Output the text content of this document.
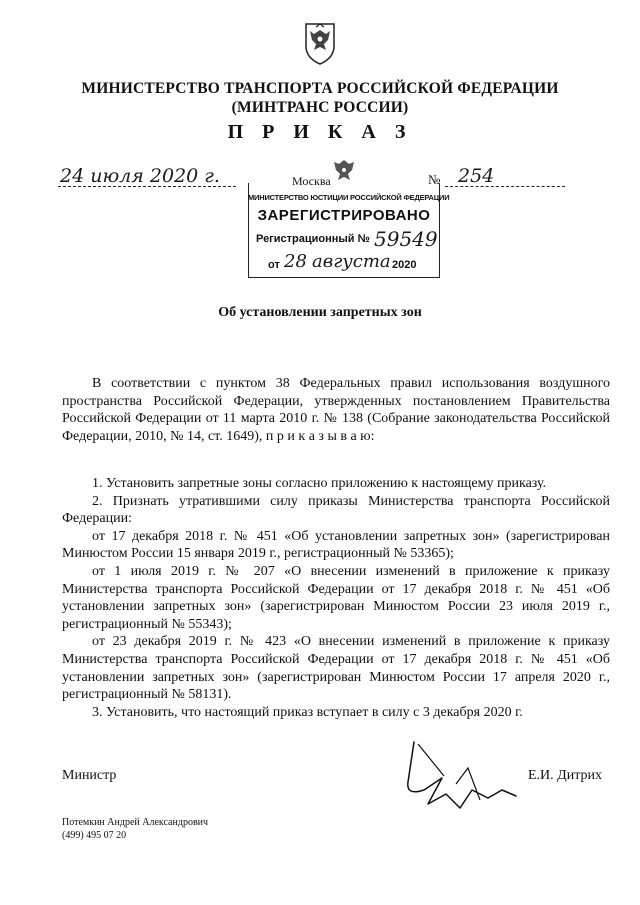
МИНИСТЕРСТВО ТРАНСПОРТА РОССИЙСКОЙ ФЕДЕРАЦИИ
(МИНТРАНС РОССИИ)
П Р И К А З
24 июля 2020 г.	Москва	№ 254
МИНИСТЕРСТВО ЮСТИЦИИ РОССИЙСКОЙ ФЕДЕРАЦИИ
ЗАРЕГИСТРИРОВАНО
Регистрационный № 59549
от 28 августа 2020
Об установлении запретных зон
В соответствии с пунктом 38 Федеральных правил использования воздушного пространства Российской Федерации, утвержденных постановлением Правительства Российской Федерации от 11 марта 2010 г. № 138 (Собрание законодательства Российской Федерации, 2010, № 14, ст. 1649), п р и к а з ы в а ю:
1. Установить запретные зоны согласно приложению к настоящему приказу.
2. Признать утратившими силу приказы Министерства транспорта Российской Федерации:
от 17 декабря 2018 г. № 451 «Об установлении запретных зон» (зарегистрирован Минюстом России 15 января 2019 г., регистрационный № 53365);
от 1 июля 2019 г. № 207 «О внесении изменений в приложение к приказу Министерства транспорта Российской Федерации от 17 декабря 2018 г. № 451 «Об установлении запретных зон» (зарегистрирован Минюстом России 23 июля 2019 г., регистрационный № 55343);
от 23 декабря 2019 г. № 423 «О внесении изменений в приложение к приказу Министерства транспорта Российской Федерации от 17 декабря 2018 г. № 451 «Об установлении запретных зон» (зарегистрирован Минюстом России 17 апреля 2020 г., регистрационный № 58131).
3. Установить, что настоящий приказ вступает в силу с 3 декабря 2020 г.
Министр	Е.И. Дитрих
Потемкин Андрей Александрович
(499) 495 07 20
